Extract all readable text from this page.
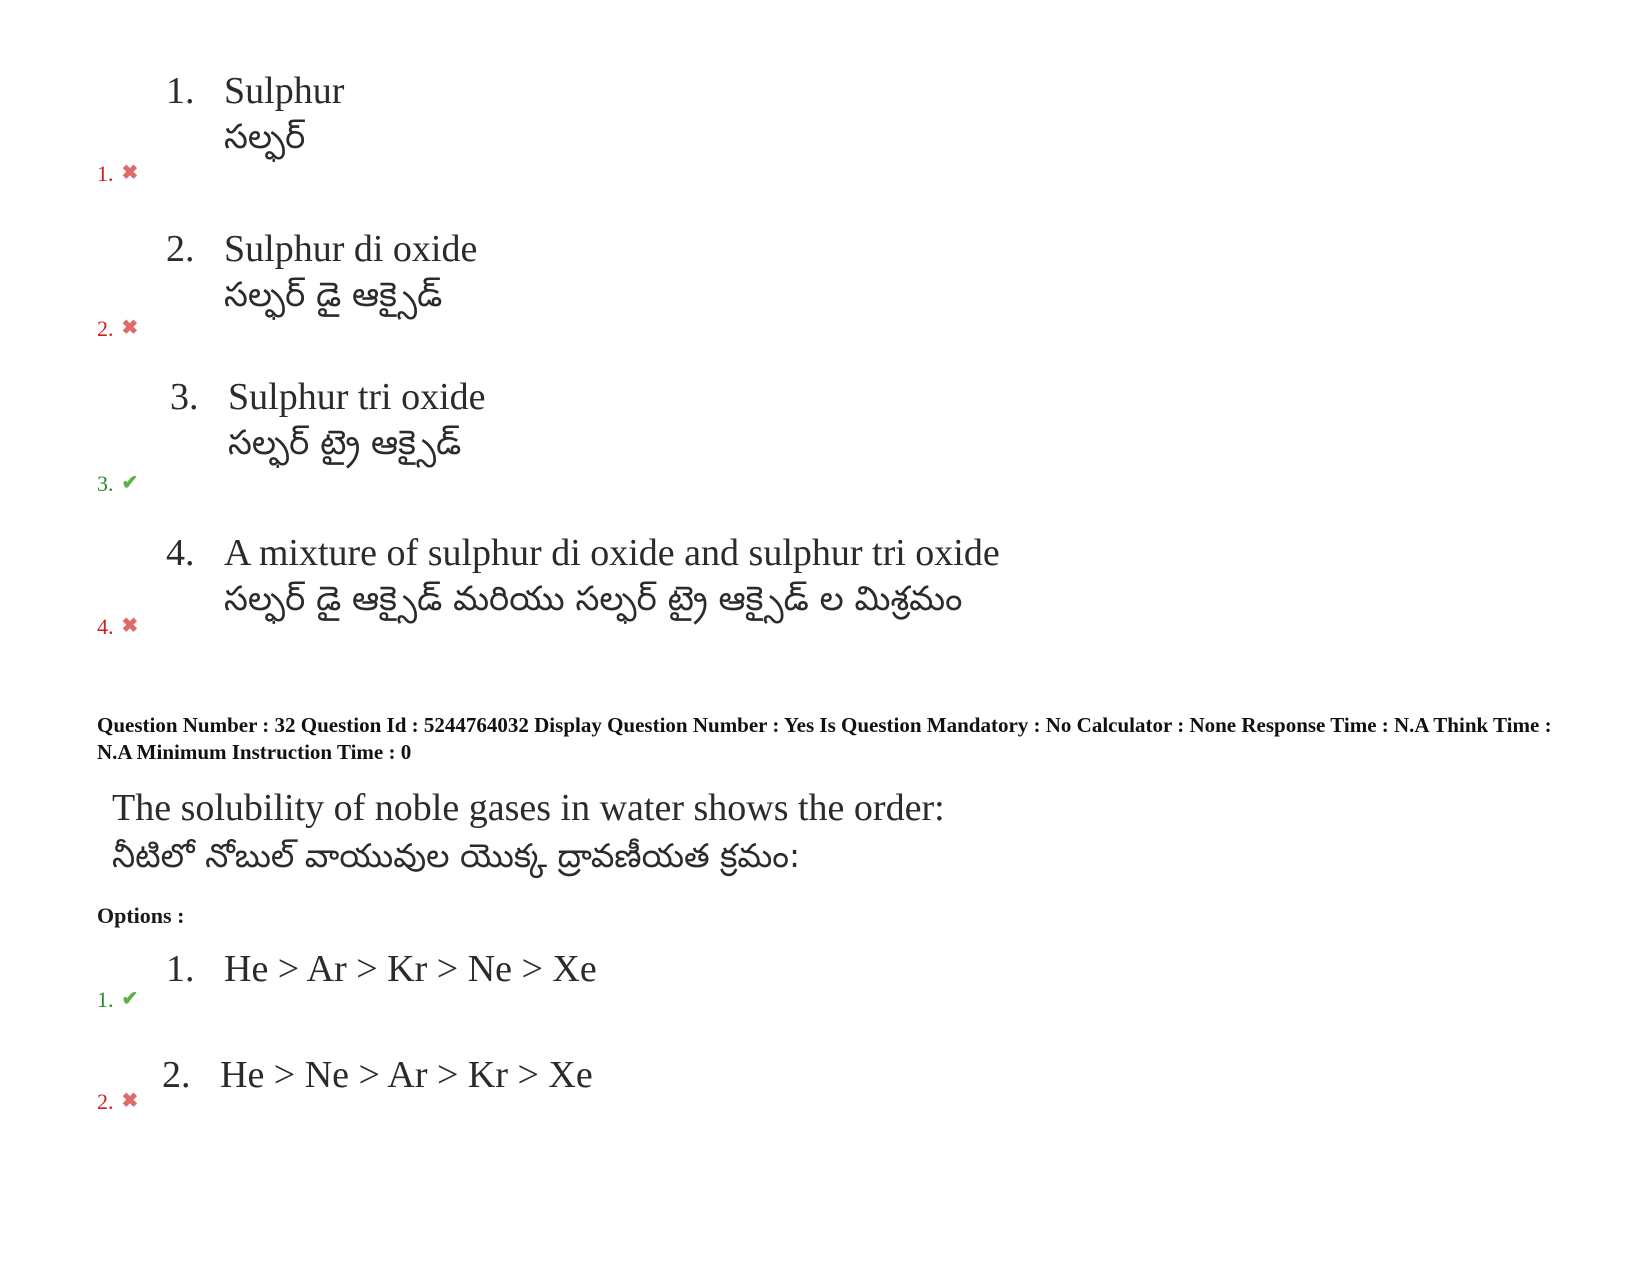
1. Sulphur
సల్ఫర్
1. ✖
2. Sulphur di oxide
సల్ఫర్ డై ఆక్సైడ్
2. ✖
3. Sulphur tri oxide
సల్ఫర్ ట్రై ఆక్సైడ్
3. ✔
4. A mixture of sulphur di oxide and sulphur tri oxide
సల్ఫర్ డై ఆక్సైడ్ మరియు సల్ఫర్ ట్రై ఆక్సైడ్ ల మిశ్రమం
4. ✖
Question Number : 32 Question Id : 5244764032 Display Question Number : Yes Is Question Mandatory : No Calculator : None Response Time : N.A Think Time : N.A Minimum Instruction Time : 0
The solubility of noble gases in water shows the order:
నీటిలో నోబుల్ వాయువుల యొక్క ద్రావణీయత క్రమం:
Options :
1. He > Ar > Kr > Ne > Xe
1. ✔
2. He > Ne > Ar > Kr > Xe
2. ✖
